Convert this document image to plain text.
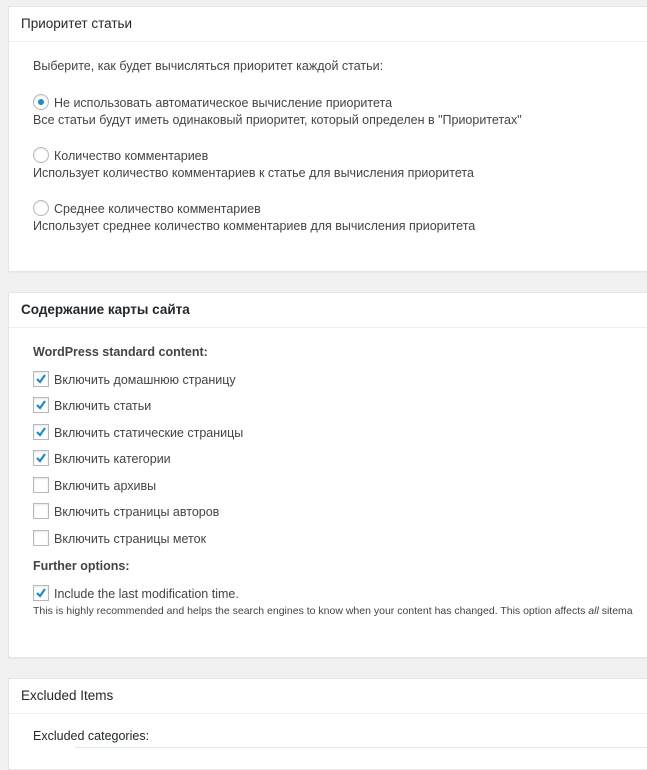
Приоритет статьи
Выберите, как будет вычисляться приоритет каждой статьи:
Не использовать автоматическое вычисление приоритета
Все статьи будут иметь одинаковый приоритет, который определен в "Приоритетах"
Количество комментариев
Использует количество комментариев к статье для вычисления приоритета
Среднее количество комментариев
Использует среднее количество комментариев для вычисления приоритета
Содержание карты сайта
WordPress standard content:
Включить домашнюю страницу
Включить статьи
Включить статические страницы
Включить категории
Включить архивы
Включить страницы авторов
Включить страницы меток
Further options:
Include the last modification time.
This is highly recommended and helps the search engines to know when your content has changed. This option affects all sitema
Excluded Items
Excluded categories:
